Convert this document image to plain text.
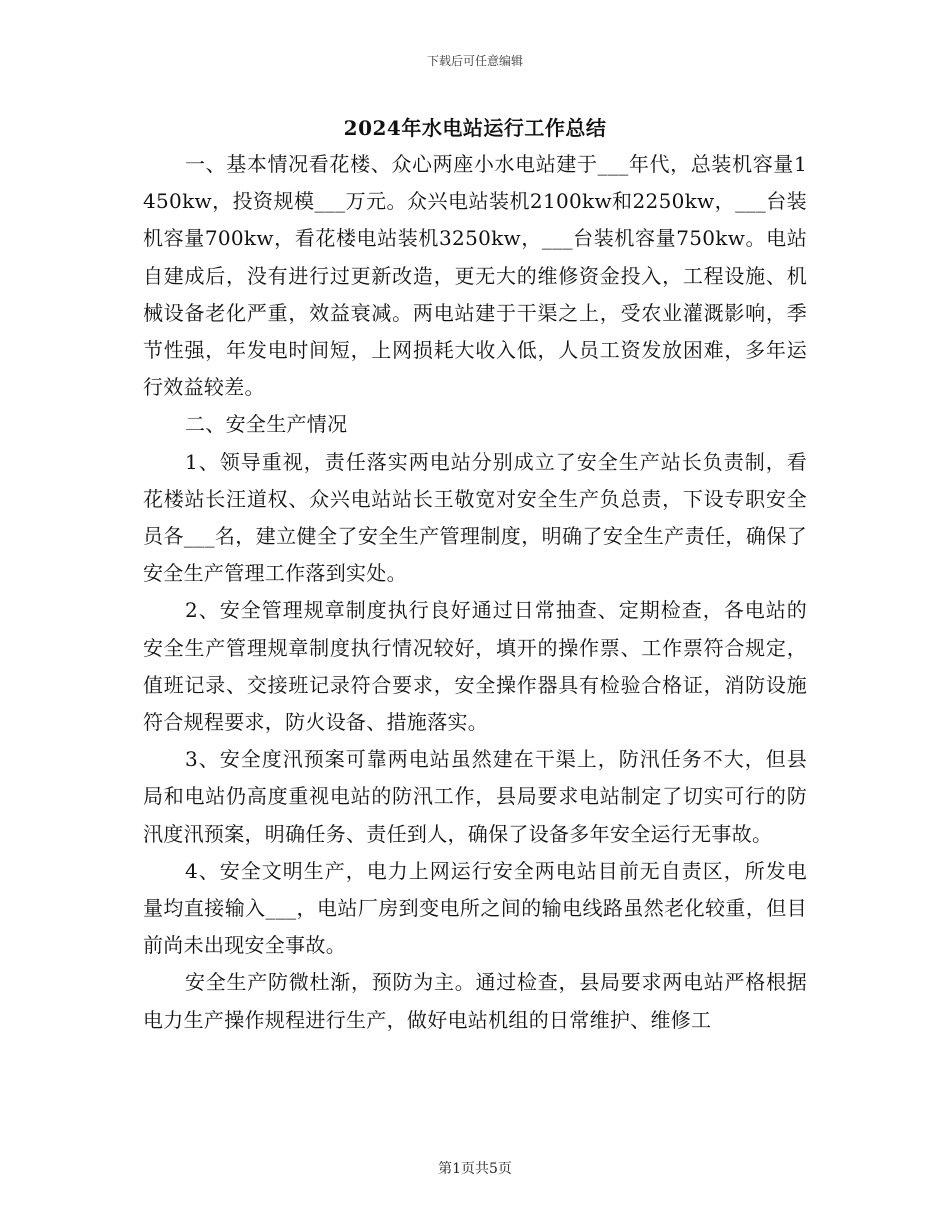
下载后可任意编辑
2024年水电站运行工作总结

一、基本情况看花楼、众心两座小水电站建于___年代，总装机容量1450kw，投资规模___万元。众兴电站装机2100kw和2250kw，___台装机容量700kw，看花楼电站装机3250kw，___台装机容量750kw。电站自建成后，没有进行过更新改造，更无大的维修资金投入，工程设施、机械设备老化严重，效益衰减。两电站建于干渠之上，受农业灌溉影响，季节性强，年发电时间短，上网损耗大收入低，人员工资发放困难，多年运行效益较差。

二、安全生产情况

1、领导重视，责任落实两电站分别成立了安全生产站长负责制，看花楼站长汪道权、众兴电站站长王敬宽对安全生产负总责，下设专职安全员各___名，建立健全了安全生产管理制度，明确了安全生产责任，确保了安全生产管理工作落到实处。

2、安全管理规章制度执行良好通过日常抽查、定期检查，各电站的安全生产管理规章制度执行情况较好，填开的操作票、工作票符合规定，值班记录、交接班记录符合要求，安全操作器具有检验合格证，消防设施符合规程要求，防火设备、措施落实。

3、安全度汛预案可靠两电站虽然建在干渠上，防汛任务不大，但县局和电站仍高度重视电站的防汛工作，县局要求电站制定了切实可行的防汛度汛预案，明确任务、责任到人，确保了设备多年安全运行无事故。

4、安全文明生产，电力上网运行安全两电站目前无自责区，所发电量均直接输入___，电站厂房到变电所之间的输电线路虽然老化较重，但目前尚未出现安全事故。

安全生产防微杜渐，预防为主。通过检查，县局要求两电站严格根据电力生产操作规程进行生产，做好电站机组的日常维护、维修工

第1页共5页
